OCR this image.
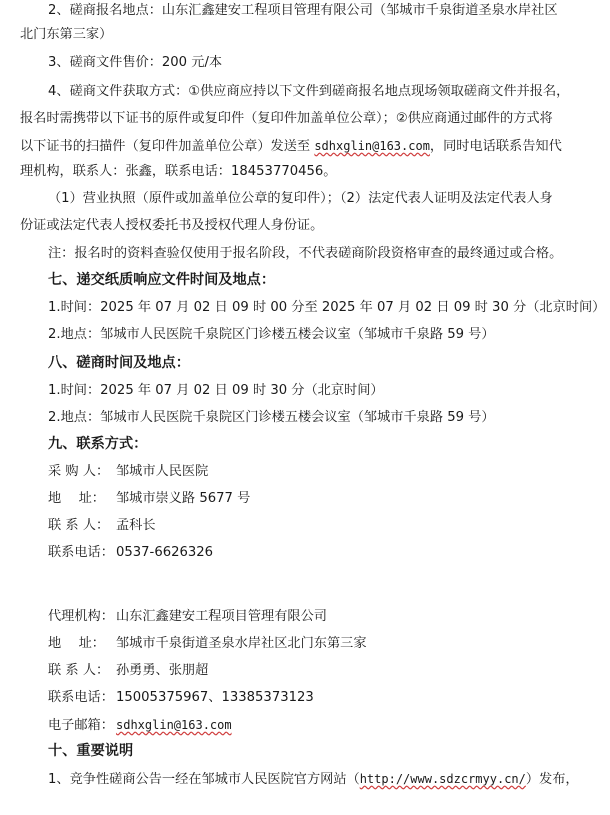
2、磋商报名地点：山东汇鑫建安工程项目管理有限公司（邹城市千泉街道圣泉水岸社区
北门东第三家）
3、磋商文件售价：200 元/本
4、磋商文件获取方式：①供应商应持以下文件到磋商报名地点现场领取磋商文件并报名，
报名时需携带以下证书的原件或复印件（复印件加盖单位公章）；②供应商通过邮件的方式将
以下证书的扫描件（复印件加盖单位公章）发送至 sdhxglin@163.com，同时电话联系告知代
理机构，联系人：张鑫，联系电话：18453770456。
（1）营业执照（原件或加盖单位公章的复印件）；（2）法定代表人证明及法定代表人身
份证或法定代表人授权委托书及授权代理人身份证。
注：报名时的资料查验仅使用于报名阶段，不代表磋商阶段资格审查的最终通过或合格。
七、递交纸质响应文件时间及地点：
1.时间：2025 年 07 月 02 日 09 时 00 分至 2025 年 07 月 02 日 09 时 30 分（北京时间）
2.地点：邹城市人民医院千泉院区门诊楼五楼会议室（邹城市千泉路 59 号）
八、磋商时间及地点：
1.时间：2025 年 07 月 02 日 09 时 30 分（北京时间）
2.地点：邹城市人民医院千泉院区门诊楼五楼会议室（邹城市千泉路 59 号）
九、联系方式：
采 购 人： 邹城市人民医院
地　 址： 邹城市崇义路 5677 号
联 系 人： 孟科长
联系电话： 0537-6626326
代理机构： 山东汇鑫建安工程项目管理有限公司
地　 址： 邹城市千泉街道圣泉水岸社区北门东第三家
联 系 人： 孙勇勇、张朋超
联系电话： 15005375967、13385373123
电子邮箱： sdhxglin@163.com
十、重要说明
1、竞争性磋商公告一经在邹城市人民医院官方网站（http://www.sdzcrmyy.cn/）发布，
